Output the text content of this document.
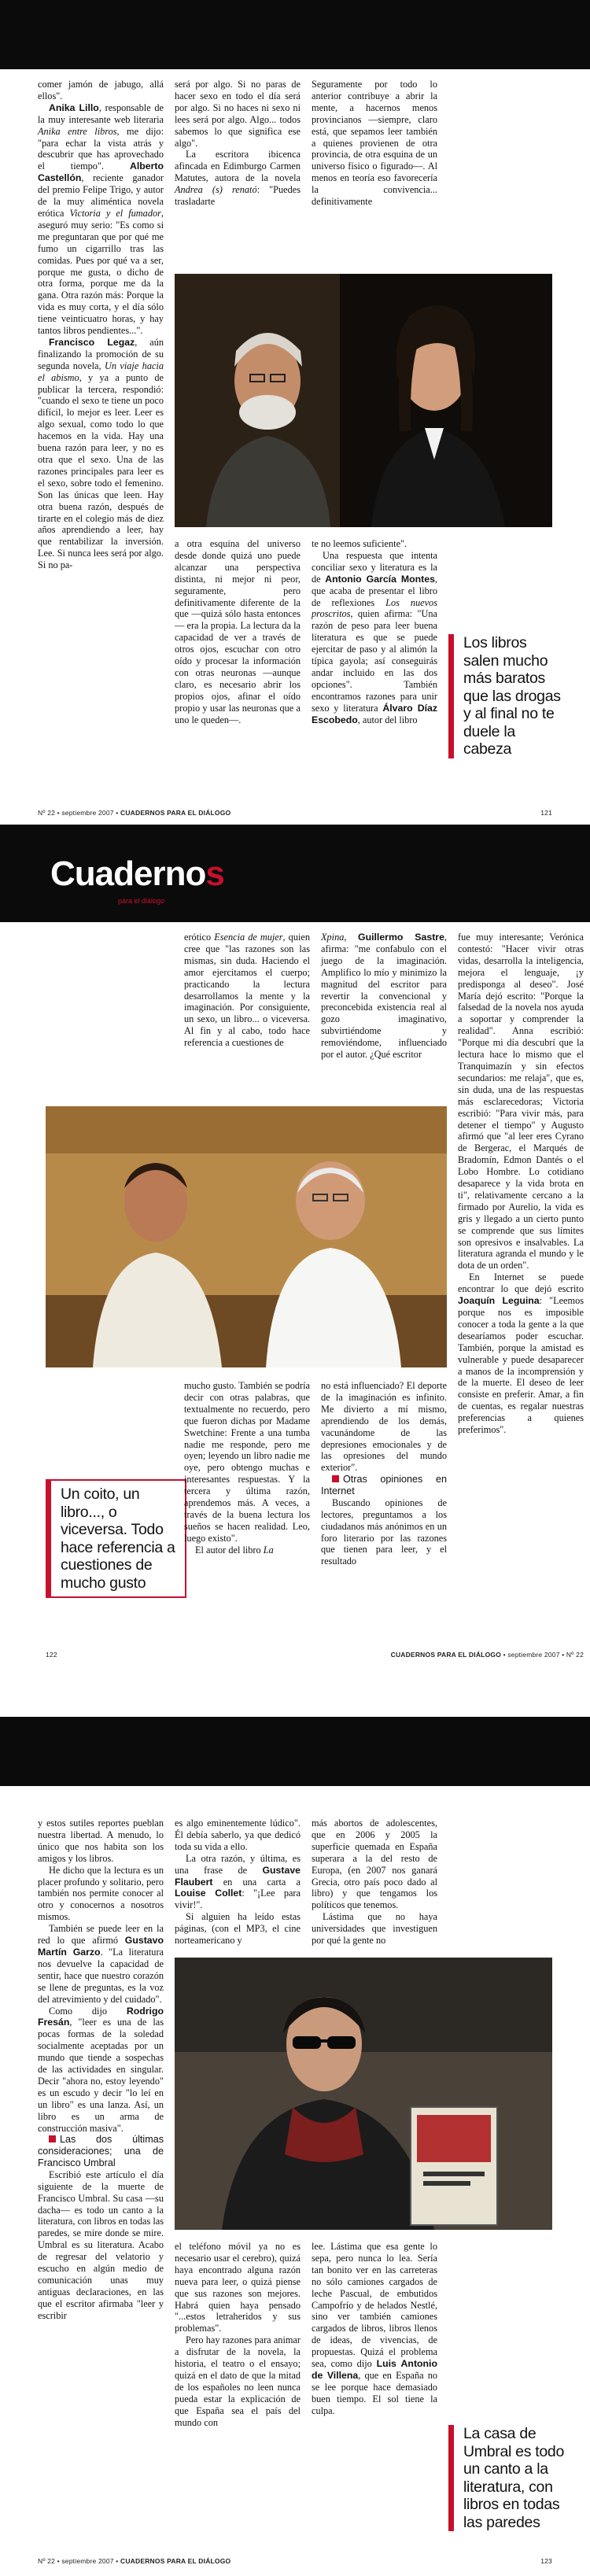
comer jamón de jabugo, allá ellos".

Anika Lillo, responsable de la muy interesante web literaria Anika entre libros, me dijo: "para echar la vista atrás y descubrir que has aprovechado el tiempo". Alberto Castellón, reciente ganador del premio Felipe Trigo, y autor de la muy aliméntica novela erótica Victoria y el fumador, aseguró muy serio: "Es como si me preguntaran que por qué me fumo un cigarrillo tras las comidas. Pues por qué va a ser, porque me gusta, o dicho de otra forma, porque me da la gana. Otra razón más: Porque la vida es muy corta, y el día sólo tiene veinticuatro horas, y hay tantos libros pendientes...".

Francisco Legaz, aún finalizando la promoción de su segunda novela, Un viaje hacia el abismo, y ya a punto de publicar la tercera, respondió: "cuando el sexo te tiene un poco difícil, lo mejor es leer. Leer es algo sexual, como todo lo que hacemos en la vida. Hay una buena razón para leer, y no es otra que el sexo. Una de las razones principales para leer es el sexo, sobre todo el femenino. Son las únicas que leen. Hay otra buena razón, después de tirarte en el colegio más de diez años aprendiendo a leer, hay que rentabilizar la inversión. Lee. Si nunca lees será por algo. Si no pa-

será por algo. Si no paras de hacer sexo en todo el día será por algo. Si no haces ni sexo ni lees será por algo. Algo... todos sabemos lo que significa ese algo".

La escritora ibicenca afincada en Edimburgo Carmen Matutes, autora de la novela Andrea (s) renató: "Puedes trasladarte

Seguramente por todo lo anterior contribuye a abrir la mente, a hacernos menos provincianos —siempre, claro está, que sepamos leer también a quienes provienen de otra provincia, de otra esquina de un universo físico o figurado—. Al menos en teoría eso favorecería la convivencia... definitivamente

a otra esquina del universo desde donde quizá uno puede alcanzar una perspectiva distinta, ni mejor ni peor, seguramente, pero definitivamente diferente de la que —quizá sólo hasta entonces— era la propia. La lectura da la capacidad de ver a través de otros ojos, escuchar con otro oído y procesar la información con otras neuronas —aunque claro, es necesario abrir los propios ojos, afinar el oído propio y usar las neuronas que a uno le queden—.

te no leemos suficiente".

Una respuesta que intenta conciliar sexo y literatura es la de Antonio García Montes, que acaba de presentar el libro de reflexiones Los nuevos proscritos, quien afirma: "Una razón de peso para leer buena literatura es que se puede ejercitar de paso y al alimón la típica gayola; así conseguirás andar incluido en las dos opciones". También encontramos razones para unir sexo y literatura Álvaro Díaz Escobedo, autor del libro

Los libros salen mucho más baratos que las drogas y al final no te duele la cabeza
Nº 22 • septiembre 2007 • CUADERNOS PARA EL DIÁLOGO	121
Cuadernos
para el diálogo

erótico Esencia de mujer, quien cree que "las razones son las mismas, sin duda. Haciendo el amor ejercitamos el cuerpo; practicando la lectura desarrollamos la mente y la imaginación. Por consiguiente, un sexo, un libro... o viceversa. Al fin y al cabo, todo hace referencia a cuestiones de

Xpina, Guillermo Sastre, afirma: "me confabulo con el juego de la imaginación. Amplifico lo mío y minimizo la magnitud del escritor para revertir la convencional y preconcebida existencia real al gozo imaginativo, subvirtiéndome y removiéndome, influenciado por el autor. ¿Qué escritor

fue muy interesante; Verónica contestó: "Hacer vivir otras vidas, desarrolla la inteligencia, mejora el lenguaje, ¡y predisponga al deseo". José María dejó escrito: "Porque la falsedad de la novela nos ayuda a soportar y comprender la realidad". Anna escribió: "Porque mi día descubrí que la lectura hace lo mismo que el Tranquimazín y sin efectos secundarios: me relaja", que es, sin duda, una de las respuestas más esclarecedoras; Victoria escribió: "Para vivir más, para detener el tiempo" y Augusto afirmó que "al leer eres Cyrano de Bergerac, el Marqués de Bradomín, Edmon Dantés o el Lobo Hombre. Lo cotidiano desaparece y la vida brota en ti", relativamente cercano a la firmado por Aurelio, la vida es gris y llegado a un cierto punto se comprende que sus límites son opresivos e insalvables. La literatura agranda el mundo y le dota de un orden".

En Internet se puede encontrar lo que dejó escrito Joaquín Leguina: "Leemos porque nos es imposible conocer a toda la gente a la que desearíamos poder escuchar. También, porque la amistad es vulnerable y puede desaparecer a manos de la incomprensión y de la muerte. El deseo de leer consiste en preferir. Amar, a fin de cuentas, es regalar nuestras preferencias a quienes preferimos".

Un coito, un libro..., o viceversa. Todo hace referencia a cuestiones de mucho gusto

mucho gusto. También se podría decir con otras palabras, que textualmente no recuerdo, pero que fueron dichas por Madame Swetchine: Frente a una tumba nadie me responde, pero me oyen; leyendo un libro nadie me oye, pero obtengo muchas e interesantes respuestas. Y la tercera y última razón, aprendemos más. A veces, a través de la buena lectura los sueños se hacen realidad. Leo, luego existo".

El autor del libro La

no está influenciado? El deporte de la imaginación es infinito. Me divierto a mí mismo, aprendiendo de los demás, vacunándome de las depresiones emocionales y de las opresiones del mundo exterior".

Otras opiniones en Internet

Buscando opiniones de lectores, preguntamos a los ciudadanos más anónimos en un foro literario por las razones que tienen para leer, y el resultado

122	CUADERNOS PARA EL DIÁLOGO • septiembre 2007 • Nº 22

y estos sutiles reportes pueblan nuestra libertad. A menudo, lo único que nos habita son los amigos y los libros.

He dicho que la lectura es un placer profundo y solitario, pero también nos permite conocer al otro y conocernos a nosotros mismos.

También se puede leer en la red lo que afirmó Gustavo Martín Garzo. "La literatura nos devuelve la capacidad de sentir, hace que nuestro corazón se llene de preguntas, es la voz del atrevimiento y del cuidado".

Como dijo Rodrigo Fresán, "leer es una de las pocas formas de la soledad socialmente aceptadas por un mundo que tiende a sospechas de las actividades en singular. Decir "ahora no, estoy leyendo" es un escudo y decir "lo leí en un libro" es una lanza. Así, un libro es un arma de construcción masiva".

Las dos últimas consideraciones; una de Francisco Umbral

Escribió este artículo el día siguiente de la muerte de Francisco Umbral. Su casa —su dacha— es todo un canto a la literatura, con libros en todas las paredes, se mire donde se mire. Umbral es su literatura. Acabo de regresar del velatorio y escucho en algún medio de comunicación unas muy antiguas declaraciones, en las que el escritor afirmaba "leer y escribir

es algo eminentemente lúdico". Él debía saberlo, ya que dedicó toda su vida a ello.

La otra razón, y última, es una frase de Gustave Flaubert en una carta a Louise Collet: "¡Lee para vivir!".

Si alguien ha leído estas páginas, (con el MP3, el cine norteamericano y

más abortos de adolescentes, que en 2006 y 2005 la superficie quemada en España superara a la del resto de Europa, (en 2007 nos ganará Grecia, otro país poco dado al libro) y que tengamos los políticos que tenemos.

Lástima que no haya universidades que investiguen por qué la gente no

el teléfono móvil ya no es necesario usar el cerebro), quizá haya encontrado alguna razón nueva para leer, o quizá piense que sus razones son mejores. Habrá quien haya pensado "...estos letraheridos y sus problemas".

Pero hay razones para animar a disfrutar de la novela, la historia, el teatro o el ensayo; quizá en el dato de que la mitad de los españoles no leen nunca pueda estar la explicación de que España sea el país del mundo con

lee. Lástima que esa gente lo sepa, pero nunca lo lea. Sería tan bonito ver en las carreteras no sólo camiones cargados de leche Pascual, de embutidos Campofrío y de helados Nestlé, sino ver también camiones cargados de libros, libros llenos de ideas, de vivencias, de propuestas. Quizá el problema sea, como dijo Luis Antonio de Villena, que en España no se lee porque hace demasiado buen tiempo. El sol tiene la culpa.

La casa de Umbral es todo un canto a la literatura, con libros en todas las paredes
Nº 22 • septiembre 2007 • CUADERNOS PARA EL DIÁLOGO	123
